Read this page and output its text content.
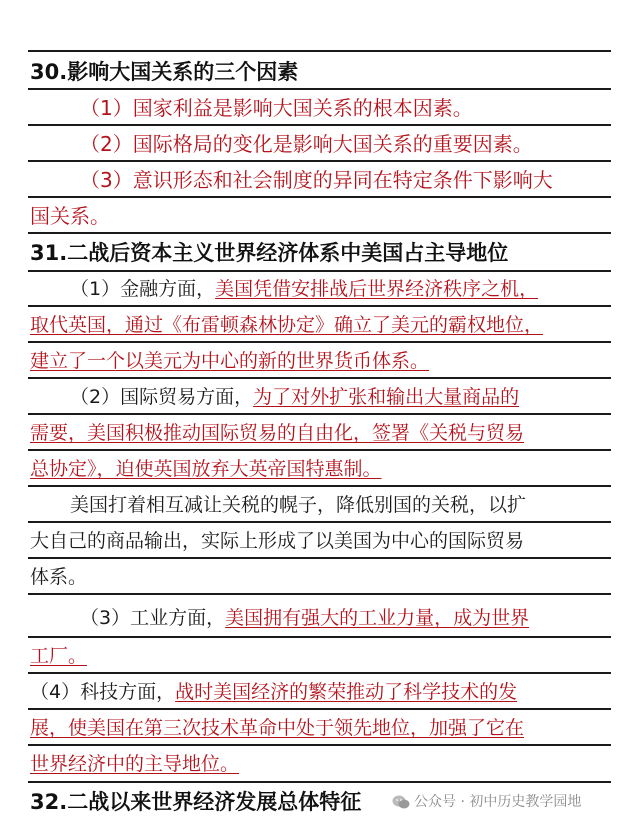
30.影响大国关系的三个因素
（1）国家利益是影响大国关系的根本因素。
（2）国际格局的变化是影响大国关系的重要因素。
（3）意识形态和社会制度的异同在特定条件下影响大
国关系。
31.二战后资本主义世界经济体系中美国占主导地位
（1）金融方面，美国凭借安排战后世界经济秩序之机，
取代英国，通过《布雷顿森林协定》确立了美元的霸权地位，
建立了一个以美元为中心的新的世界货币体系。
（2）国际贸易方面，为了对外扩张和输出大量商品的
需要，美国积极推动国际贸易的自由化，签署《关税与贸易
总协定》，迫使英国放弃大英帝国特惠制。
美国打着相互减让关税的幌子，降低别国的关税，以扩
大自己的商品输出，实际上形成了以美国为中心的国际贸易
体系。
（3）工业方面，美国拥有强大的工业力量，成为世界
工厂。
（4）科技方面，战时美国经济的繁荣推动了科学技术的发
展，使美国在第三次技术革命中处于领先地位，加强了它在
世界经济中的主导地位。
32.二战以来世界经济发展总体特征	公众号 · 初中历史教学园地
